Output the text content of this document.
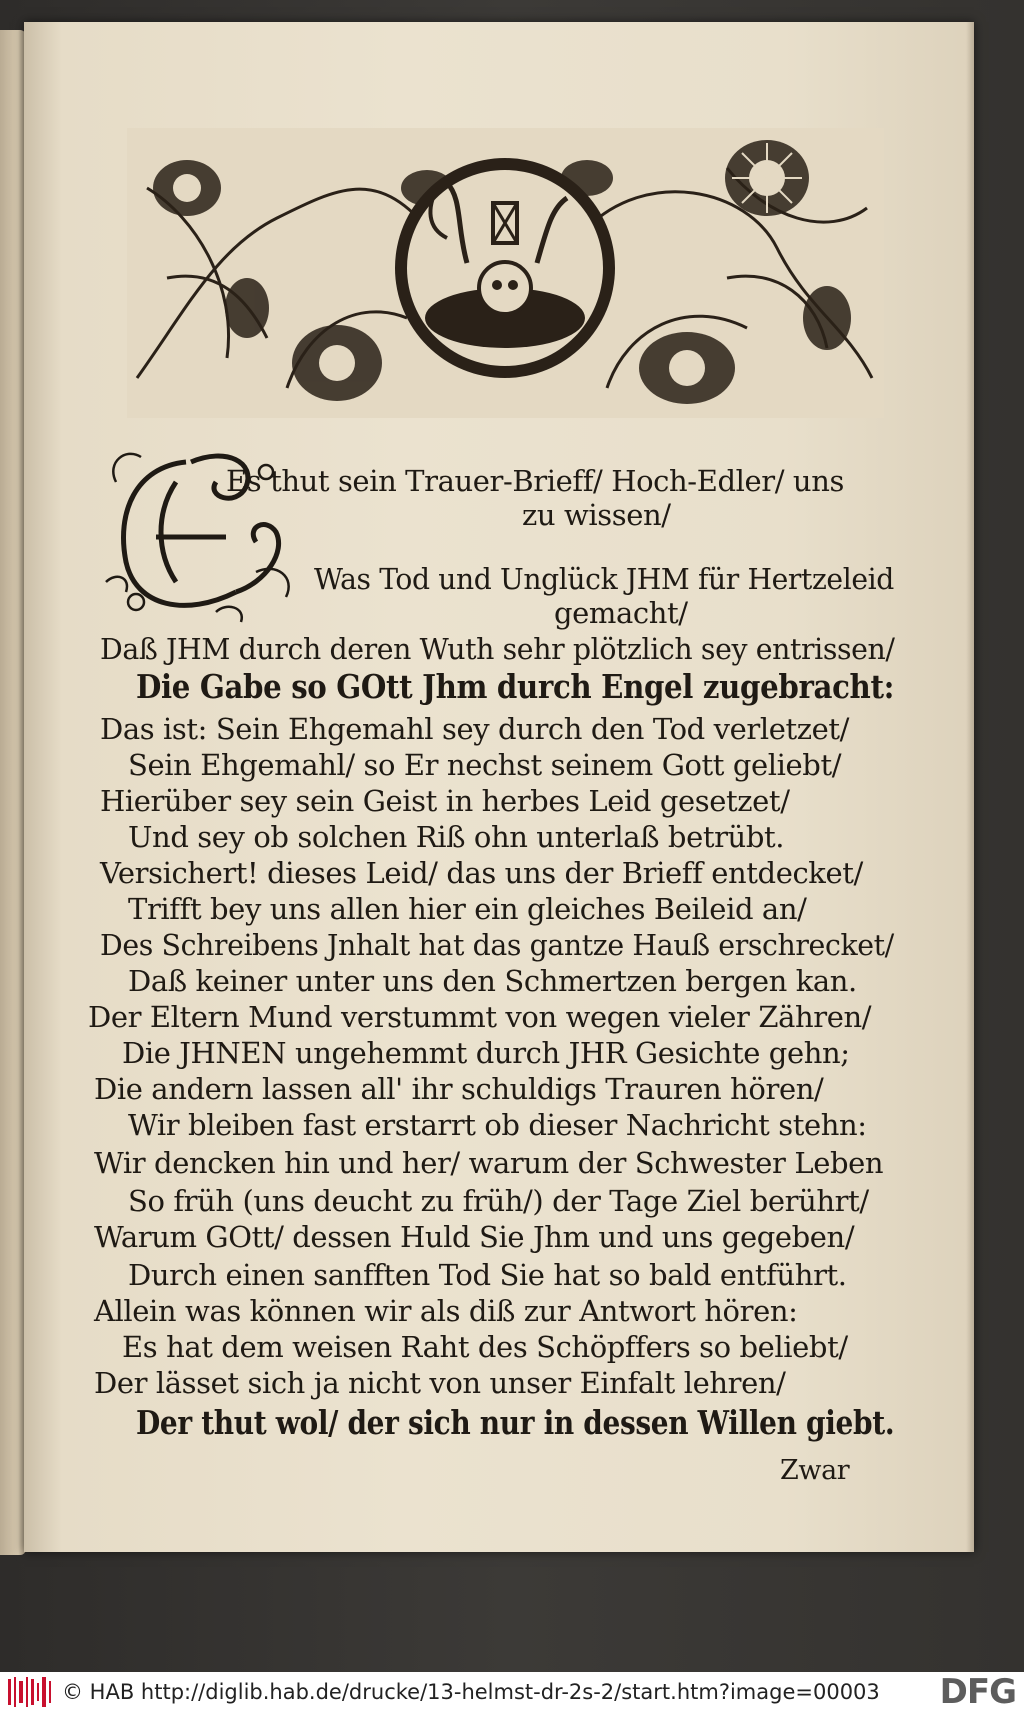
Es thut sein Trauer-Brieff/ Hoch-Edler/ uns
zu wissen/
Was Tod und Unglück JHM für Hertzeleid
gemacht/
Daß JHM durch deren Wuth sehr plötzlich sey entrissen/
Die Gabe so GOtt Jhm durch Engel zugebracht:
Das ist: Sein Ehgemahl sey durch den Tod verletzet/
Sein Ehgemahl/ so Er nechst seinem Gott geliebt/
Hierüber sey sein Geist in herbes Leid gesetzet/
Und sey ob solchen Riß ohn unterlaß betrübt.
Versichert! dieses Leid/ das uns der Brieff entdecket/
Trifft bey uns allen hier ein gleiches Beileid an/
Des Schreibens Jnhalt hat das gantze Hauß erschrecket/
Daß keiner unter uns den Schmertzen bergen kan.
Der Eltern Mund verstummt von wegen vieler Zähren/
Die JHNEN ungehemmt durch JHR Gesichte gehn;
Die andern lassen all' ihr schuldigs Trauren hören/
Wir bleiben fast erstarrt ob dieser Nachricht stehn:
Wir dencken hin und her/ warum der Schwester Leben
So früh (uns deucht zu früh/) der Tage Ziel berührt/
Warum GOtt/ dessen Huld Sie Jhm und uns gegeben/
Durch einen sanfften Tod Sie hat so bald entführt.
Allein was können wir als diß zur Antwort hören:
Es hat dem weisen Raht des Schöpffers so beliebt/
Der lässet sich ja nicht von unser Einfalt lehren/
Der thut wol/ der sich nur in dessen Willen giebt.
Zwar
© HAB http://diglib.hab.de/drucke/13-helmst-dr-2s-2/start.htm?image=00003	DFG
